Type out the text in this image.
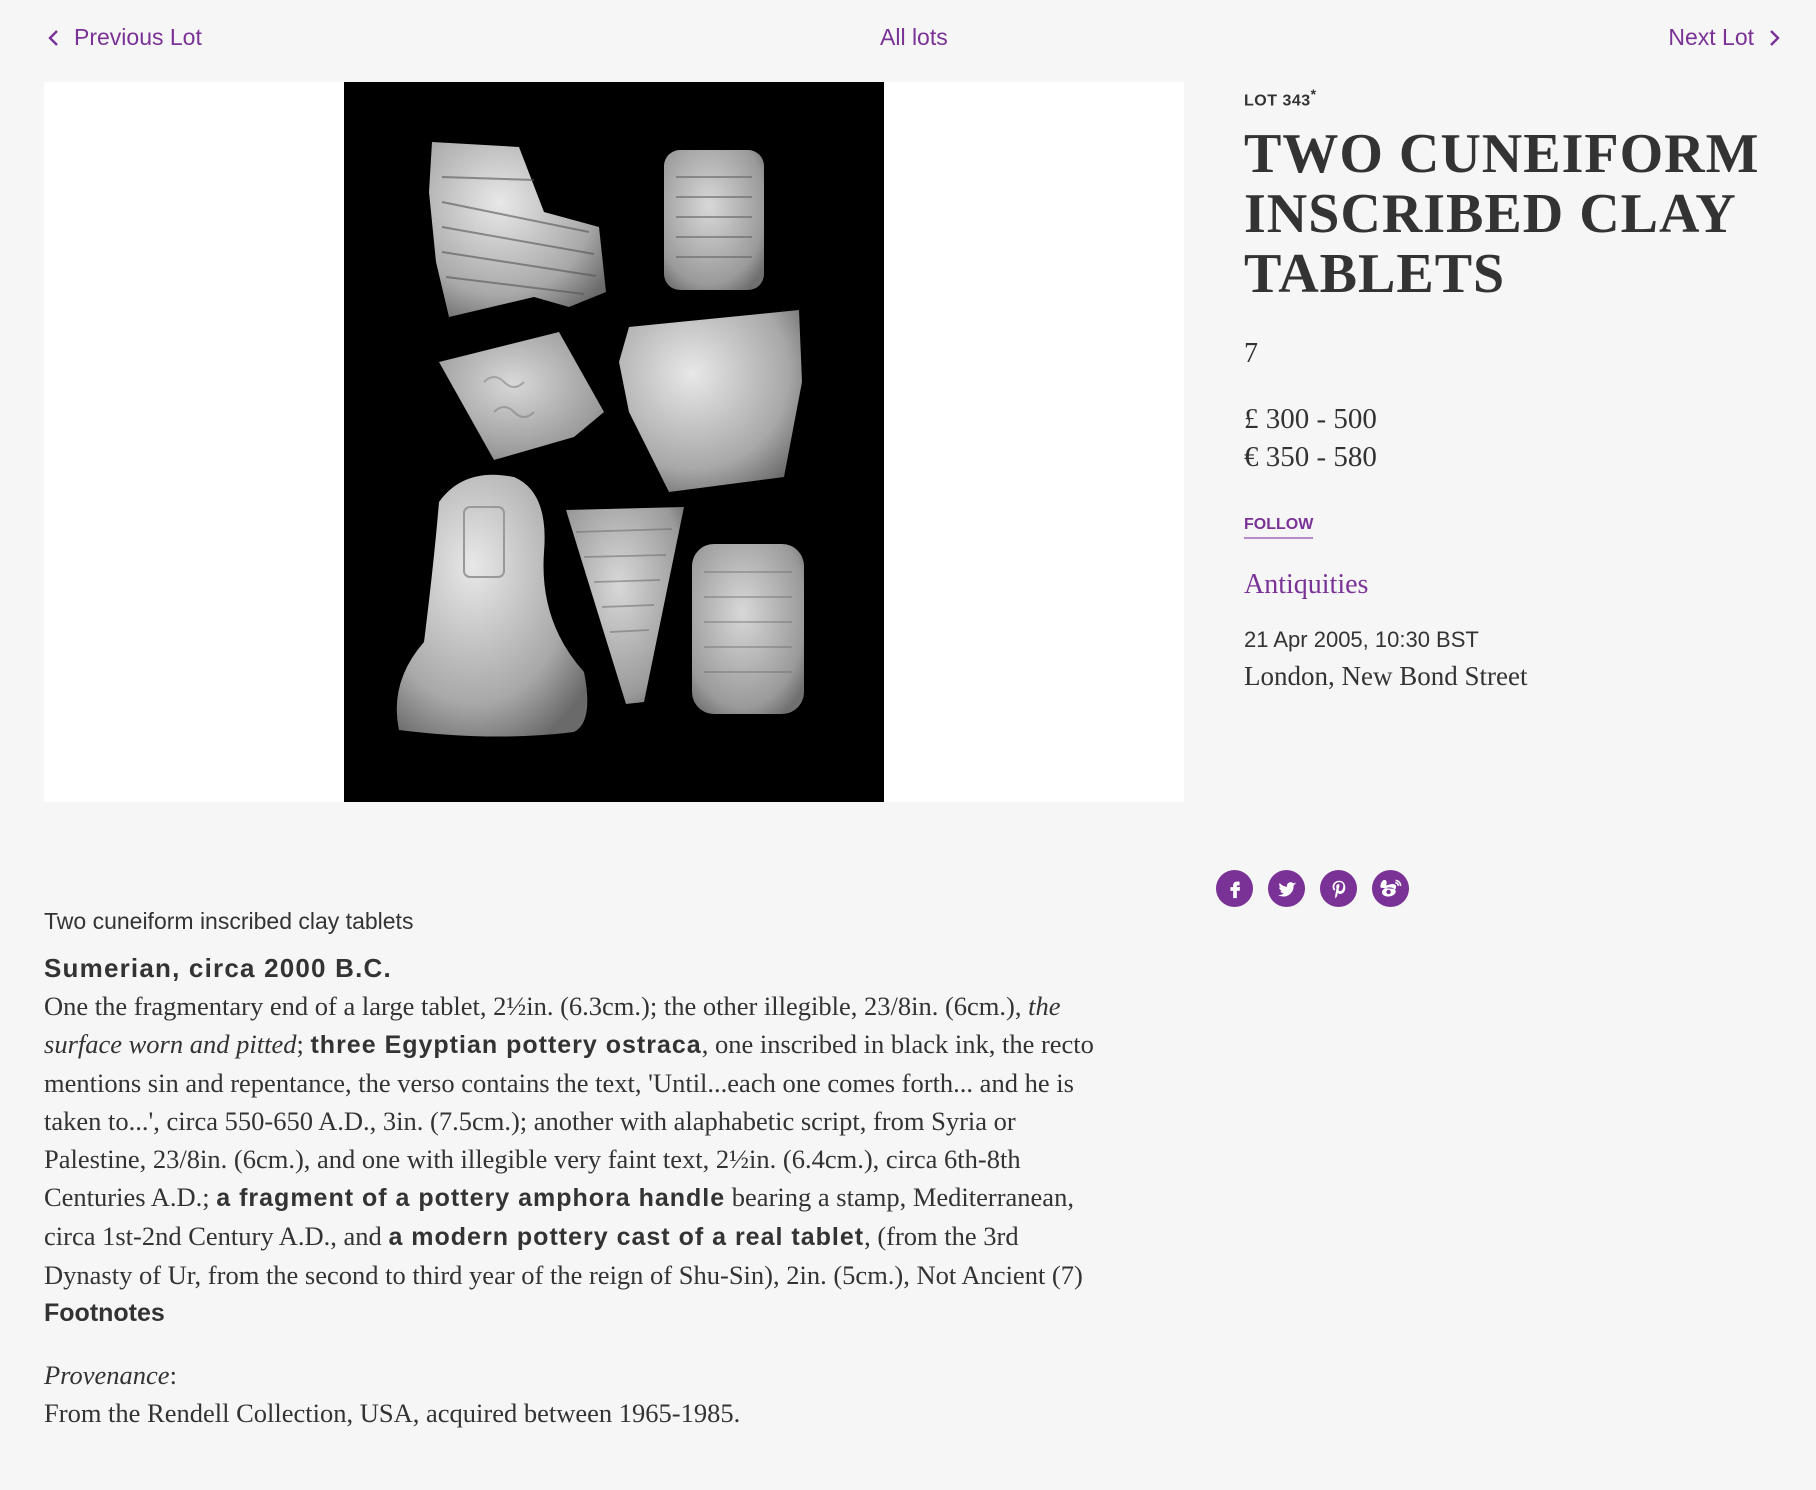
Previous Lot	All lots	Next Lot
LOT 343*
TWO CUNEIFORM
INSCRIBED CLAY
TABLETS
7
£ 300 - 500
€ 350 - 580
FOLLOW
Antiquities
21 Apr 2005, 10:30 BST
London, New Bond Street
Two cuneiform inscribed clay tablets
Sumerian, circa 2000 B.C.
One the fragmentary end of a large tablet, 2½in. (6.3cm.); the other illegible, 23/8in. (6cm.), the surface worn and pitted; three Egyptian pottery ostraca, one inscribed in black ink, the recto mentions sin and repentance, the verso contains the text, 'Until...each one comes forth... and he is taken to...', circa 550-650 A.D., 3in. (7.5cm.); another with alaphabetic script, from Syria or Palestine, 23/8in. (6cm.), and one with illegible very faint text, 2½in. (6.4cm.), circa 6th-8th Centuries A.D.; a fragment of a pottery amphora handle bearing a stamp, Mediterranean, circa 1st-2nd Century A.D., and a modern pottery cast of a real tablet, (from the 3rd Dynasty of Ur, from the second to third year of the reign of Shu-Sin), 2in. (5cm.), Not Ancient (7)
Footnotes
Provenance:
From the Rendell Collection, USA, acquired between 1965-1985.
